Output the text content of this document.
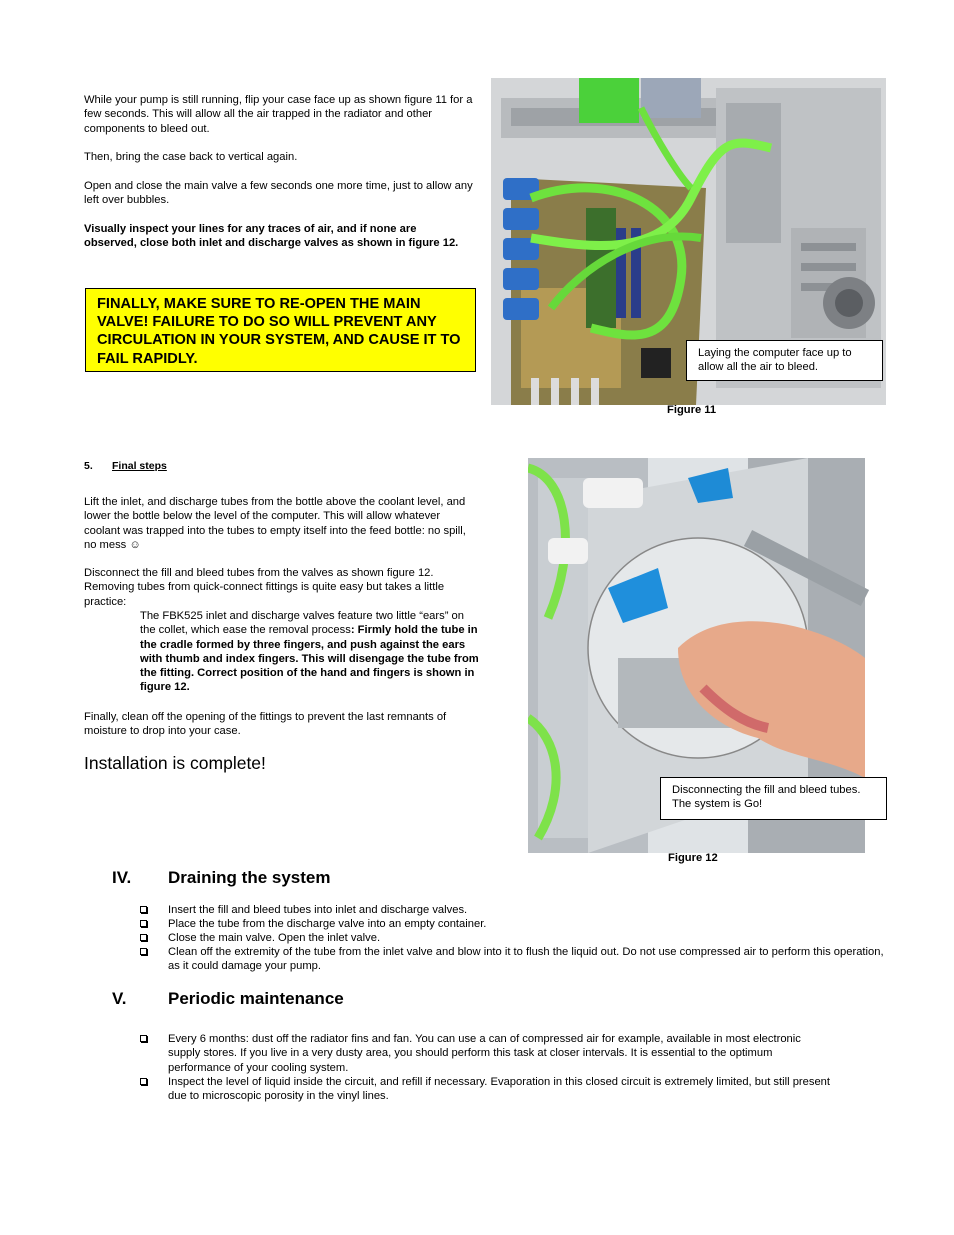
While your pump is still running, flip your case face up as shown figure 11 for a few seconds. This will allow all the air trapped in the radiator and other components to bleed out.

Then, bring the case back to vertical again.

Open and close the main valve a few seconds one more time, just to allow any left over bubbles.

Visually inspect your lines for any traces of air, and if none are observed, close both inlet and discharge valves as shown in figure 12.

FINALLY, MAKE SURE TO RE-OPEN THE MAIN VALVE! FAILURE TO DO SO WILL PREVENT ANY CIRCULATION IN YOUR SYSTEM, AND CAUSE IT TO FAIL RAPIDLY.	Laying the computer face up to allow all the air to bleed.
Figure 11
5. Final steps

Lift the inlet, and discharge tubes from the bottle above the coolant level, and lower the bottle below the level of the computer. This will allow whatever coolant was trapped into the tubes to empty itself into the feed bottle: no spill, no mess ☺

Disconnect the fill and bleed tubes from the valves as shown figure 12. Removing tubes from quick-connect fittings is quite easy but takes a little practice:

The FBK525 inlet and discharge valves feature two little “ears” on the collet, which ease the removal process: Firmly hold the tube in the cradle formed by three fingers, and push against the ears with thumb and index fingers. This will disengage the tube from the fitting. Correct position of the hand and fingers is shown in figure 12.

Finally, clean off the opening of the fittings to prevent the last remnants of moisture to drop into your case.

Installation is complete!
Disconnecting the fill and bleed tubes. The system is Go!
Figure 12
IV. Draining the system
Insert the fill and bleed tubes into inlet and discharge valves.
Place the tube from the discharge valve into an empty container.
Close the main valve. Open the inlet valve.
Clean off the extremity of the tube from the inlet valve and blow into it to flush the liquid out. Do not use compressed air to perform this operation, as it could damage your pump.
V. Periodic maintenance
Every 6 months: dust off the radiator fins and fan. You can use a can of compressed air for example, available in most electronic supply stores. If you live in a very dusty area, you should perform this task at closer intervals. It is essential to the optimum performance of your cooling system.
Inspect the level of liquid inside the circuit, and refill if necessary. Evaporation in this closed circuit is extremely limited, but still present due to microscopic porosity in the vinyl lines.
